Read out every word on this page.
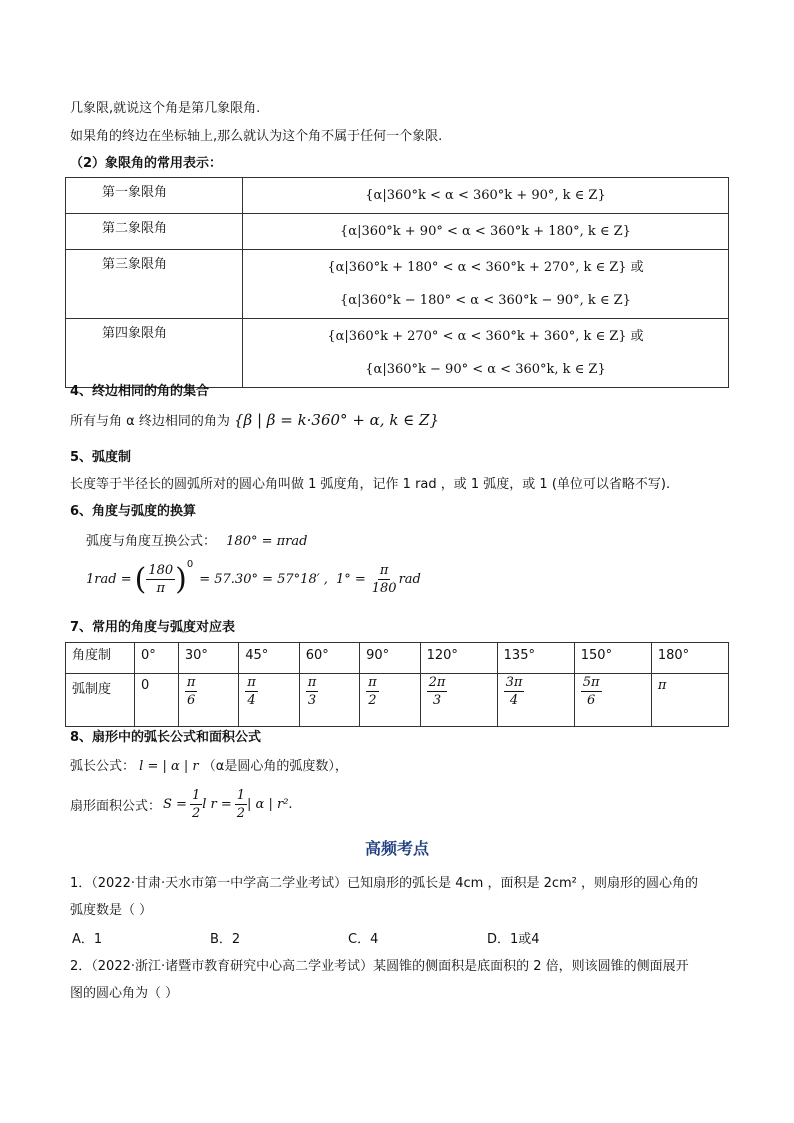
几象限,就说这个角是第几象限角.
如果角的终边在坐标轴上,那么就认为这个角不属于任何一个象限.
（2）象限角的常用表示：
第一象限角	{α|360°k < α < 360°k + 90°, k ∈ Z}

第二象限角	{α|360°k + 90° < α < 360°k + 180°, k ∈ Z}

第三象限角	{α|360°k + 180° < α < 360°k + 270°, k ∈ Z} 或
{α|360°k − 180° < α < 360°k − 90°, k ∈ Z}

第四象限角	{α|360°k + 270° < α < 360°k + 360°, k ∈ Z} 或
{α|360°k − 90° < α < 360°k, k ∈ Z}
4、终边相同的角的集合
所有与角 α 终边相同的角为 {β | β = k·360° + α, k ∈ Z}
5、弧度制
长度等于半径长的圆弧所对的圆心角叫做 1 弧度角，记作 1 rad ，或 1 弧度，或 1 (单位可以省略不写).
6、角度与弧度的换算
弧度与角度互换公式： 180° = πrad
1rad = ( $\frac{180}{\pi} )^0$
= 57.30° = 57°18′ , $1^\circ = \frac{\pi}{180}$ rad
7、常用的角度与弧度对应表
角度制	0°	30°	45°	60°	90°	120°	135°	150°	180°
弧制度	0	$\frac{\pi}{6}$	$\frac{\pi}{4}$	$\frac{\pi}{3}$	$\frac{\pi}{2}$	$\frac{2\pi}{3}$	$\frac{3\pi}{4}$	$\frac{5\pi}{6}$	π
8、扇形中的弧长公式和面积公式
弧长公式： l = | α | r （α是圆心角的弧度数），
扇形面积公式： $S = \frac{1}{2}$ l $r = \frac{1}{2}$ | α | r².
高频考点
1．（2022·甘肃·天水市第一中学高二学业考试）已知扇形的弧长是 4cm ，面积是 2cm² ，则扇形的圆心角的
弧度数是（ ）
A．1	B．2	C．4	D．1或4
2．（2022·浙江·诸暨市教育研究中心高二学业考试）某圆锥的侧面积是底面积的 2 倍，则该圆锥的侧面展开
图的圆心角为（ ）
